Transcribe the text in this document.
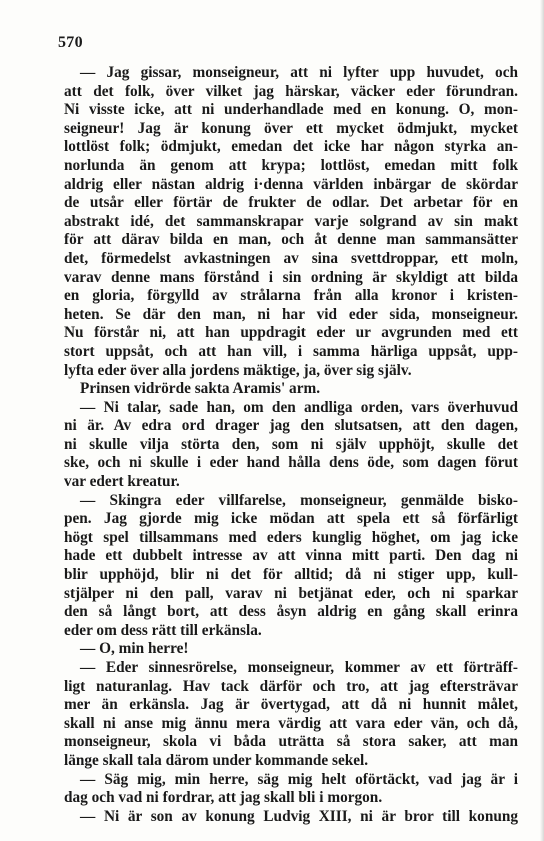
570
— Jag gissar, monseigneur, att ni lyfter upp huvudet, och
att det folk, över vilket jag härskar, väcker eder förundran.
Ni visste icke, att ni underhandlade med en konung. O, mon-
seigneur! Jag är konung över ett mycket ödmjukt, mycket
lottlöst folk; ödmjukt, emedan det icke har någon styrka an-
norlunda än genom att krypa; lottlöst, emedan mitt folk
aldrig eller nästan aldrig i·denna världen inbärgar de skördar
de utsår eller förtär de frukter de odlar. Det arbetar för en
abstrakt idé, det sammanskrapar varje solgrand av sin makt
för att därav bilda en man, och åt denne man sammansätter
det, förmedelst avkastningen av sina svettdroppar, ett moln,
varav denne mans förstånd i sin ordning är skyldigt att bilda
en gloria, förgylld av strålarna från alla kronor i kristen-
heten. Se där den man, ni har vid eder sida, monseigneur.
Nu förstår ni, att han uppdragit eder ur avgrunden med ett
stort uppsåt, och att han vill, i samma härliga uppsåt, upp-
lyfta eder över alla jordens mäktige, ja, över sig själv.
Prinsen vidrörde sakta Aramis' arm.
— Ni talar, sade han, om den andliga orden, vars överhuvud
ni är. Av edra ord drager jag den slutsatsen, att den dagen,
ni skulle vilja störta den, som ni själv upphöjt, skulle det
ske, och ni skulle i eder hand hålla dens öde, som dagen förut
var edert kreatur.
— Skingra eder villfarelse, monseigneur, genmälde bisko-
pen. Jag gjorde mig icke mödan att spela ett så förfärligt
högt spel tillsammans med eders kunglig höghet, om jag icke
hade ett dubbelt intresse av att vinna mitt parti. Den dag ni
blir upphöjd, blir ni det för alltid; då ni stiger upp, kull-
stjälper ni den pall, varav ni betjänat eder, och ni sparkar
den så långt bort, att dess åsyn aldrig en gång skall erinra
eder om dess rätt till erkänsla.
— O, min herre!
— Eder sinnesrörelse, monseigneur, kommer av ett förträff-
ligt naturanlag. Hav tack därför och tro, att jag eftersträvar
mer än erkänsla. Jag är övertygad, att då ni hunnit målet,
skall ni anse mig ännu mera värdig att vara eder vän, och då,
monseigneur, skola vi båda uträtta så stora saker, att man
länge skall tala därom under kommande sekel.
— Säg mig, min herre, säg mig helt oförtäckt, vad jag är i
dag och vad ni fordrar, att jag skall bli i morgon.
— Ni är son av konung Ludvig XIII, ni är bror till konung
